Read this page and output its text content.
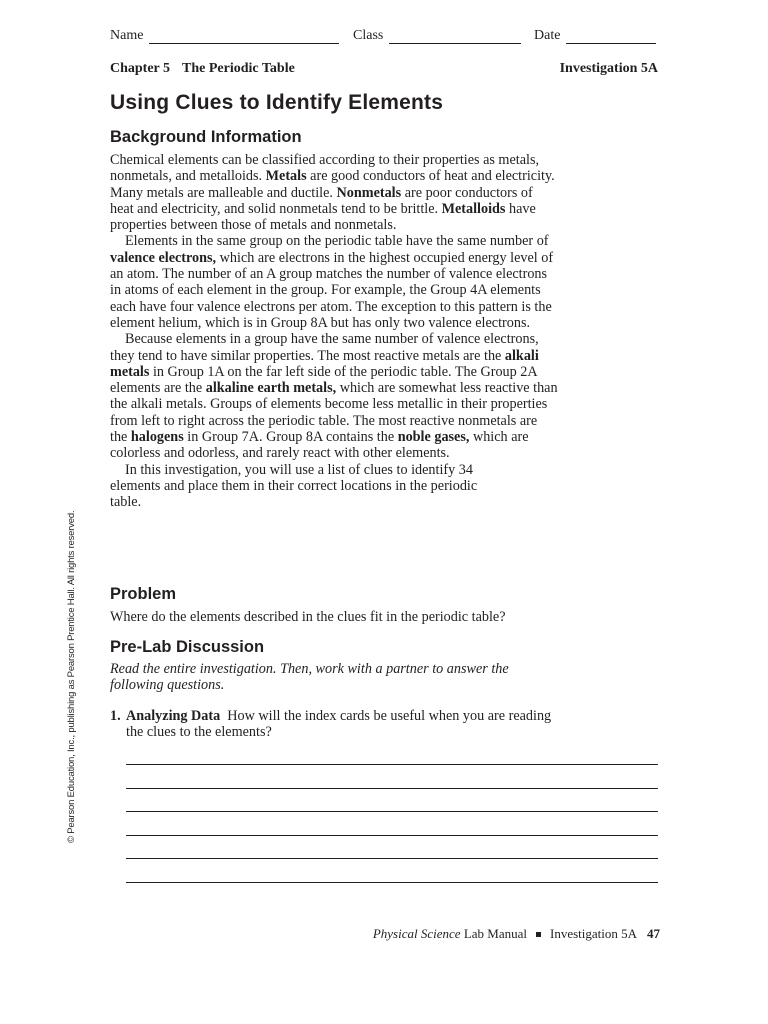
Name	Class	Date
Chapter 5 The Periodic Table	Investigation 5A
Using Clues to Identify Elements
Background Information

Chemical elements can be classified according to their properties as metals, nonmetals, and metalloids. Metals are good conductors of heat and electricity. Many metals are malleable and ductile. Nonmetals are poor conductors of heat and electricity, and solid nonmetals tend to be brittle. Metalloids have properties between those of metals and nonmetals.

Elements in the same group on the periodic table have the same number of valence electrons, which are electrons in the highest occupied energy level of an atom. The number of an A group matches the number of valence electrons in atoms of each element in the group. For example, the Group 4A elements each have four valence electrons per atom. The exception to this pattern is the element helium, which is in Group 8A but has only two valence electrons.

Because elements in a group have the same number of valence electrons, they tend to have similar properties. The most reactive metals are the alkali metals in Group 1A on the far left side of the periodic table. The Group 2A elements are the alkaline earth metals, which are somewhat less reactive than the alkali metals. Groups of elements become less metallic in their properties from left to right across the periodic table. The most reactive nonmetals are the halogens in Group 7A. Group 8A contains the noble gases, which are colorless and odorless, and rarely react with other elements.

In this investigation, you will use a list of clues to identify 34 elements and place them in their correct locations in the periodic table.

Problem
Where do the elements described in the clues fit in the periodic table?
Pre-Lab Discussion
Read the entire investigation. Then, work with a partner to answer the following questions.
1. Analyzing Data How will the index cards be useful when you are reading the clues to the elements?
© Pearson Education, Inc., publishing as Pearson Prentice Hall. All rights reserved.
Physical Science Lab Manual Investigation 5A 47
